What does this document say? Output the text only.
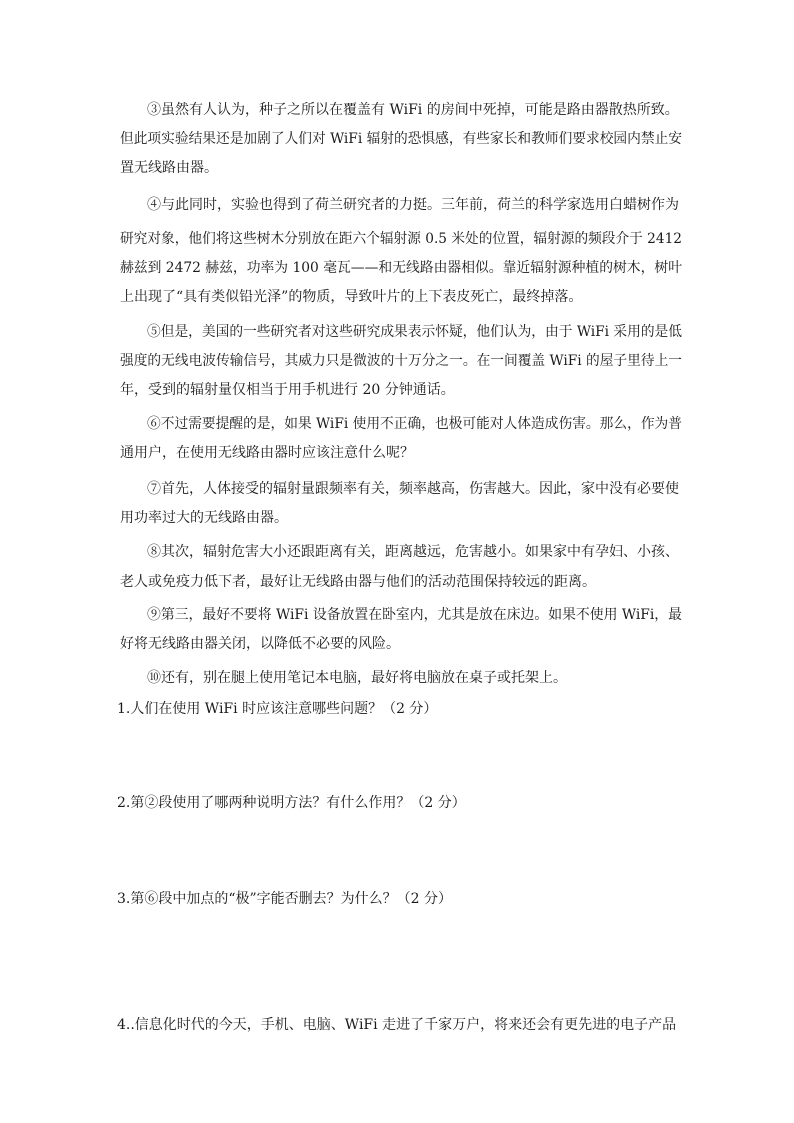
③虽然有人认为，种子之所以在覆盖有 WiFi 的房间中死掉，可能是路由器散热所致。
但此项实验结果还是加剧了人们对 WiFi 辐射的恐惧感，有些家长和教师们要求校园内禁止安
置无线路由器。
④与此同时，实验也得到了荷兰研究者的力挺。三年前，荷兰的科学家选用白蜡树作为
研究对象，他们将这些树木分别放在距六个辐射源 0.5 米处的位置，辐射源的频段介于 2412
赫兹到 2472 赫兹，功率为 100 毫瓦——和无线路由器相似。靠近辐射源种植的树木，树叶
上出现了“具有类似铅光泽”的物质，导致叶片的上下表皮死亡，最终掉落。
⑤但是，美国的一些研究者对这些研究成果表示怀疑，他们认为，由于 WiFi 采用的是低
强度的无线电波传输信号，其威力只是微波的十万分之一。在一间覆盖 WiFi 的屋子里待上一
年，受到的辐射量仅相当于用手机进行 20 分钟通话。
⑥不过需要提醒的是，如果 WiFi 使用不正确，也极可能对人体造成伤害。那么，作为普
通用户，在使用无线路由器时应该注意什么呢？
⑦首先，人体接受的辐射量跟频率有关，频率越高，伤害越大。因此，家中没有必要使
用功率过大的无线路由器。
⑧其次，辐射危害大小还跟距离有关，距离越远，危害越小。如果家中有孕妇、小孩、
老人或免疫力低下者，最好让无线路由器与他们的活动范围保持较远的距离。
⑨第三，最好不要将 WiFi 设备放置在卧室内，尤其是放在床边。如果不使用 WiFi，最
好将无线路由器关闭，以降低不必要的风险。
⑩还有，别在腿上使用笔记本电脑，最好将电脑放在桌子或托架上。
1.人们在使用 WiFi 时应该注意哪些问题？（2 分）
2.第②段使用了哪两种说明方法？有什么作用？（2 分）
3.第⑥段中加点的“极”字能否删去？为什么？（2 分）
4..信息化时代的今天，手机、电脑、WiFi 走进了千家万户，将来还会有更先进的电子产品
